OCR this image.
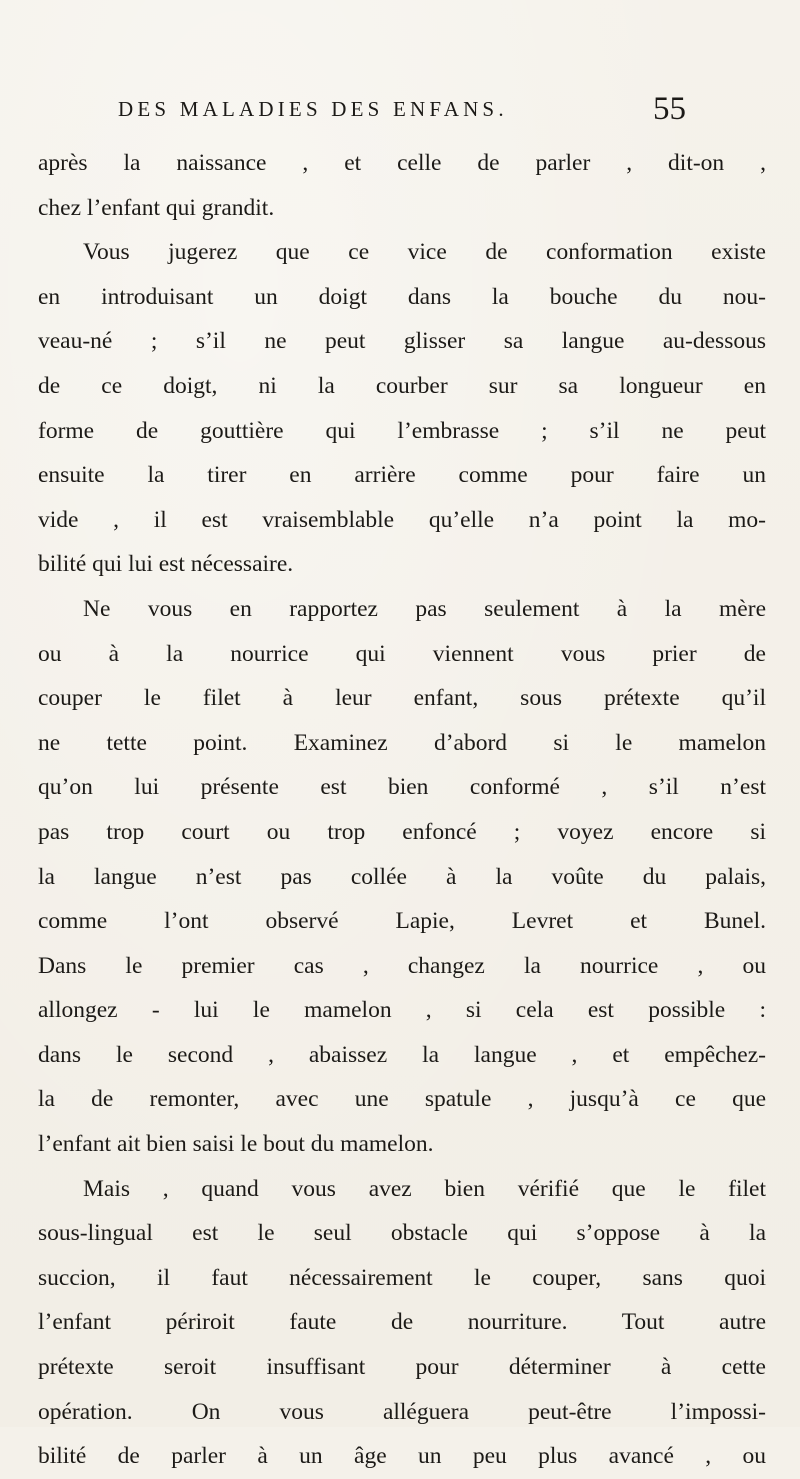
DES MALADIES DES ENFANS.	55
après la naissance , et celle de parler , dit-on ,
chez l’enfant qui grandit.
Vous jugerez que ce vice de conformation existe
en introduisant un doigt dans la bouche du nou-
veau-né ; s’il ne peut glisser sa langue au-dessous
de ce doigt, ni la courber sur sa longueur en
forme de gouttière qui l’embrasse ; s’il ne peut
ensuite la tirer en arrière comme pour faire un
vide , il est vraisemblable qu’elle n’a point la mo-
bilité qui lui est nécessaire.
Ne vous en rapportez pas seulement à la mère
ou à la nourrice qui viennent vous prier de
couper le filet à leur enfant, sous prétexte qu’il
ne tette point. Examinez d’abord si le mamelon
qu’on lui présente est bien conformé , s’il n’est
pas trop court ou trop enfoncé ; voyez encore si
la langue n’est pas collée à la voûte du palais,
comme l’ont observé Lapie, Levret et Bunel.
Dans le premier cas , changez la nourrice , ou
allongez - lui le mamelon , si cela est possible :
dans le second , abaissez la langue , et empêchez-
la de remonter, avec une spatule , jusqu’à ce que
l’enfant ait bien saisi le bout du mamelon.
Mais , quand vous avez bien vérifié que le filet
sous-lingual est le seul obstacle qui s’oppose à la
succion, il faut nécessairement le couper, sans quoi
l’enfant périroit faute de nourriture. Tout autre
prétexte seroit insuffisant pour déterminer à cette
opération. On vous alléguera peut-être l’impossi-
bilité de parler à un âge un peu plus avancé , ou
